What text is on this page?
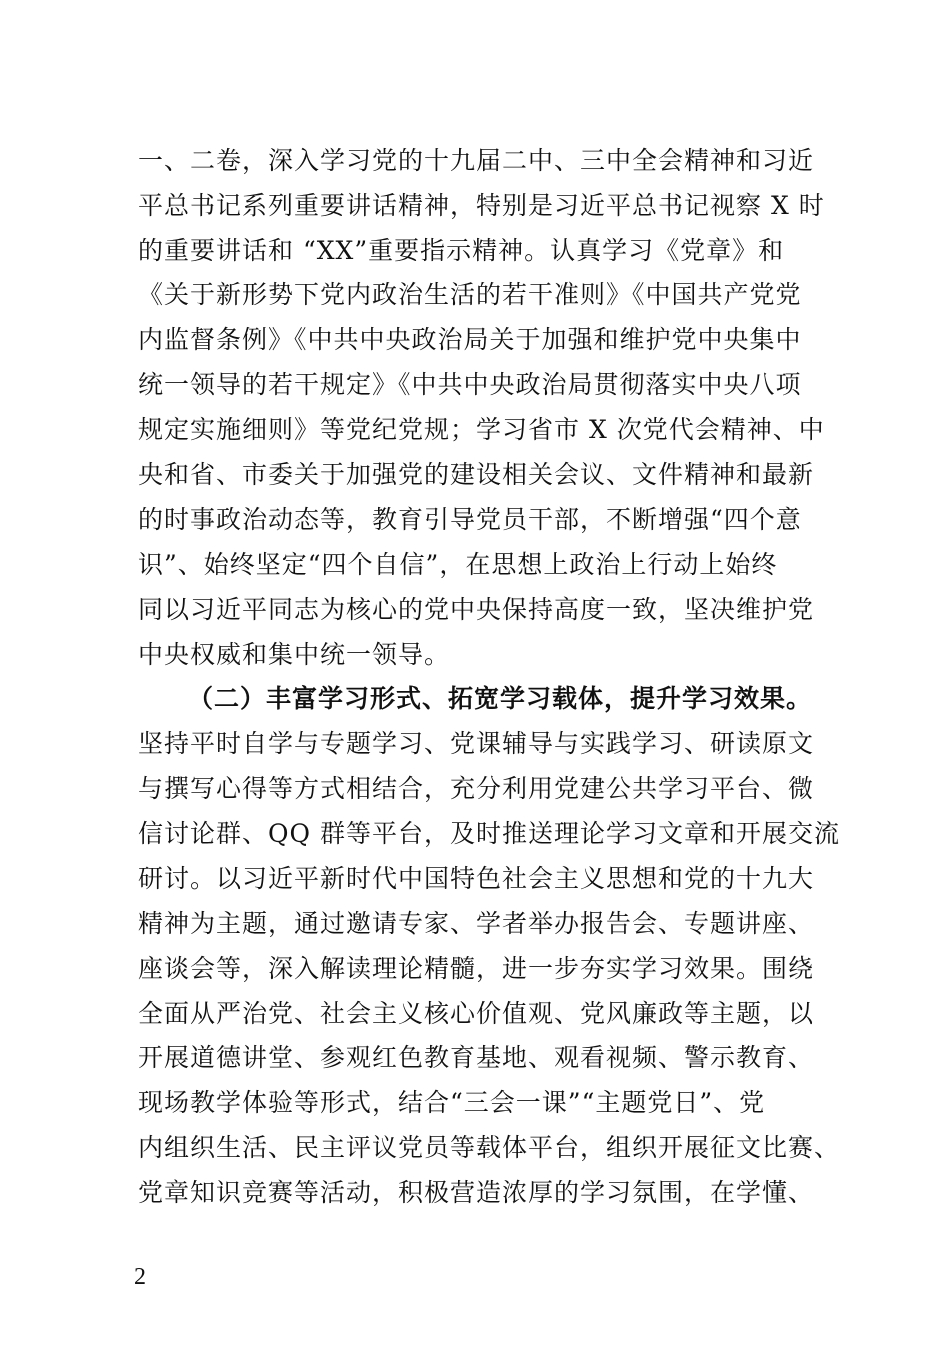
一、二卷，深入学习党的十九届二中、三中全会精神和习近
平总书记系列重要讲话精神，特别是习近平总书记视察 X 时
的重要讲话和 “XX”重要指示精神。认真学习《党章》和
《关于新形势下党内政治生活的若干准则》《中国共产党党
内监督条例》《中共中央政治局关于加强和维护党中央集中
统一领导的若干规定》《中共中央政治局贯彻落实中央八项
规定实施细则》等党纪党规；学习省市 X 次党代会精神、中
央和省、市委关于加强党的建设相关会议、文件精神和最新
的时事政治动态等，教育引导党员干部，不断增强“四个意
识”、始终坚定“四个自信”，在思想上政治上行动上始终
同以习近平同志为核心的党中央保持高度一致，坚决维护党
中央权威和集中统一领导。
（二）丰富学习形式、拓宽学习载体，提升学习效果。
坚持平时自学与专题学习、党课辅导与实践学习、研读原文
与撰写心得等方式相结合，充分利用党建公共学习平台、微
信讨论群、QQ 群等平台，及时推送理论学习文章和开展交流
研讨。以习近平新时代中国特色社会主义思想和党的十九大
精神为主题，通过邀请专家、学者举办报告会、专题讲座、
座谈会等，深入解读理论精髓，进一步夯实学习效果。围绕
全面从严治党、社会主义核心价值观、党风廉政等主题，以
开展道德讲堂、参观红色教育基地、观看视频、警示教育、
现场教学体验等形式，结合“三会一课”“主题党日”、党
内组织生活、民主评议党员等载体平台，组织开展征文比赛、
党章知识竞赛等活动，积极营造浓厚的学习氛围，在学懂、
2
